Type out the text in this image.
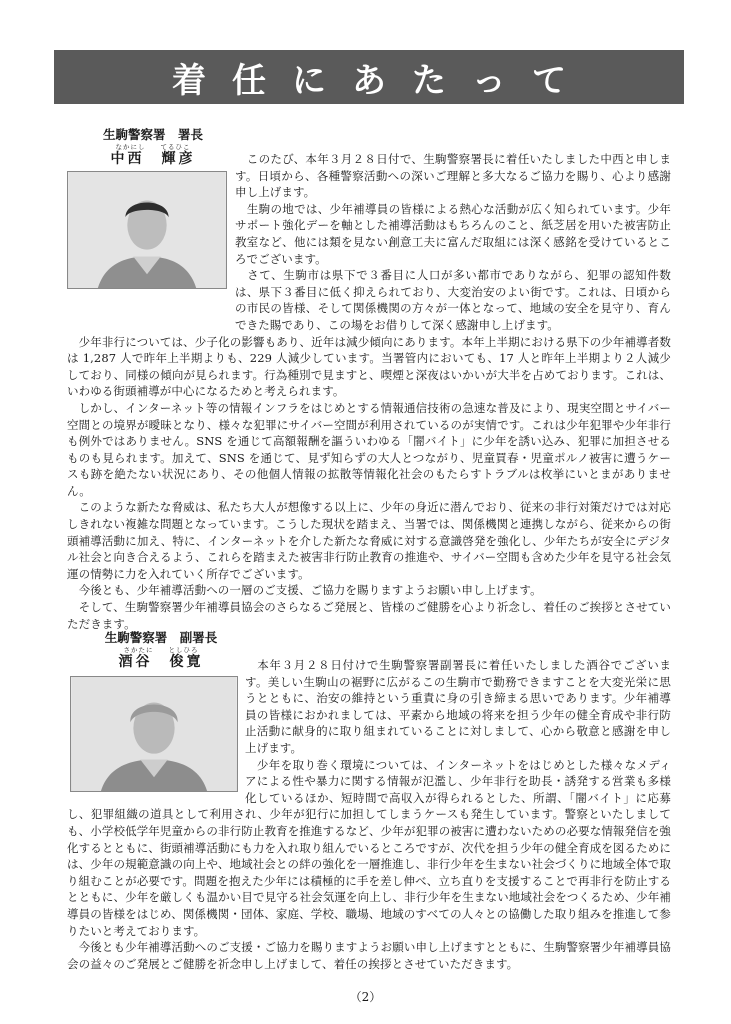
着任にあたって
生駒警察署　署長
なかにし　　てるひこ
中西　輝彦	　このたび、本年３月２８日付で、生駒警察署長に着任いたしました中西と申します。日頃から、各種警察活動への深いご理解と多大なるご協力を賜り、心より感謝申し上げます。

　生駒の地では、少年補導員の皆様による熱心な活動が広く知られています。少年サポート強化デーを軸とした補導活動はもちろんのこと、紙芝居を用いた被害防止教室など、他には類を見ない創意工夫に富んだ取組には深く感銘を受けているところでございます。

　さて、生駒市は県下で３番目に人口が多い都市でありながら、犯罪の認知件数は、県下３番目に低く抑えられており、大変治安のよい街です。これは、日頃からの市民の皆様、そして関係機関の方々が一体となって、地域の安全を見守り、育んできた賜であり、この場をお借りして深く感謝申し上げます。

　少年非行については、少子化の影響もあり、近年は減少傾向にあります。本年上半期における県下の少年補導者数は 1,287 人で昨年上半期よりも、229 人減少しています。当署管内においても、17 人と昨年上半期より２人減少しており、同様の傾向が見られます。行為種別で見ますと、喫煙と深夜はいかいが大半を占めております。これは、いわゆる街頭補導が中心になるためと考えられます。

　しかし、インターネット等の情報インフラをはじめとする情報通信技術の急速な普及により、現実空間とサイバー空間との境界が曖昧となり、様々な犯罪にサイバー空間が利用されているのが実情です。これは少年犯罪や少年非行も例外ではありません。SNS を通じて高額報酬を謳ういわゆる「闇バイト」に少年を誘い込み、犯罪に加担させるものも見られます。加えて、SNS を通じて、見ず知らずの大人とつながり、児童買春・児童ポルノ被害に遭うケースも跡を絶たない状況にあり、その他個人情報の拡散等情報化社会のもたらすトラブルは枚挙にいとまがありません。

　このような新たな脅威は、私たち大人が想像する以上に、少年の身近に潜んでおり、従来の非行対策だけでは対応しきれない複雑な問題となっています。こうした現状を踏まえ、当署では、関係機関と連携しながら、従来からの街頭補導活動に加え、特に、インターネットを介した新たな脅威に対する意識啓発を強化し、少年たちが安全にデジタル社会と向き合えるよう、これらを踏まえた被害非行防止教育の推進や、サイバー空間も含めた少年を見守る社会気運の情勢に力を入れていく所存でございます。

　今後とも、少年補導活動への一層のご支援、ご協力を賜りますようお願い申し上げます。

　そして、生駒警察署少年補導員協会のさらなるご発展と、皆様のご健勝を心より祈念し、着任のご挨拶とさせていただきます。

生駒警察署　副署長
さかたに　　としひろ
酒谷　俊寛	　本年３月２８日付けで生駒警察署副署長に着任いたしました酒谷でございます。美しい生駒山の裾野に広がるこの生駒市で勤務できますことを大変光栄に思うとともに、治安の維持という重責に身の引き締まる思いであります。少年補導員の皆様におかれましては、平素から地域の将来を担う少年の健全育成や非行防止活動に献身的に取り組まれていることに対しまして、心から敬意と感謝を申し上げます。

　少年を取り巻く環境については、インターネットをはじめとした様々なメディアによる性や暴力に関する情報が氾濫し、少年非行を助長・誘発する営業も多様化しているほか、短時間で高収入が得られるとした、所謂、「闇バイト」に応募し、犯罪組織の道具として利用され、少年が犯行に加担してしまうケースも発生しています。警察といたしましても、小学校低学年児童からの非行防止教育を推進するなど、少年が犯罪の被害に遭わないための必要な情報発信を強化するとともに、街頭補導活動にも力を入れ取り組んでいるところですが、次代を担う少年の健全育成を図るためには、少年の規範意識の向上や、地域社会との絆の強化を一層推進し、非行少年を生まない社会づくりに地域全体で取り組むことが必要です。問題を抱えた少年には積極的に手を差し伸べ、立ち直りを支援することで再非行を防止するとともに、少年を厳しくも温かい目で見守る社会気運を向上し、非行少年を生まない地域社会をつくるため、少年補導員の皆様をはじめ、関係機関・団体、家庭、学校、職場、地域のすべての人々との協働した取り組みを推進して参りたいと考えております。

　今後とも少年補導活動へのご支援・ご協力を賜りますようお願い申し上げますとともに、生駒警察署少年補導員協会の益々のご発展とご健勝を祈念申し上げまして、着任の挨拶とさせていただきます。

（2）
